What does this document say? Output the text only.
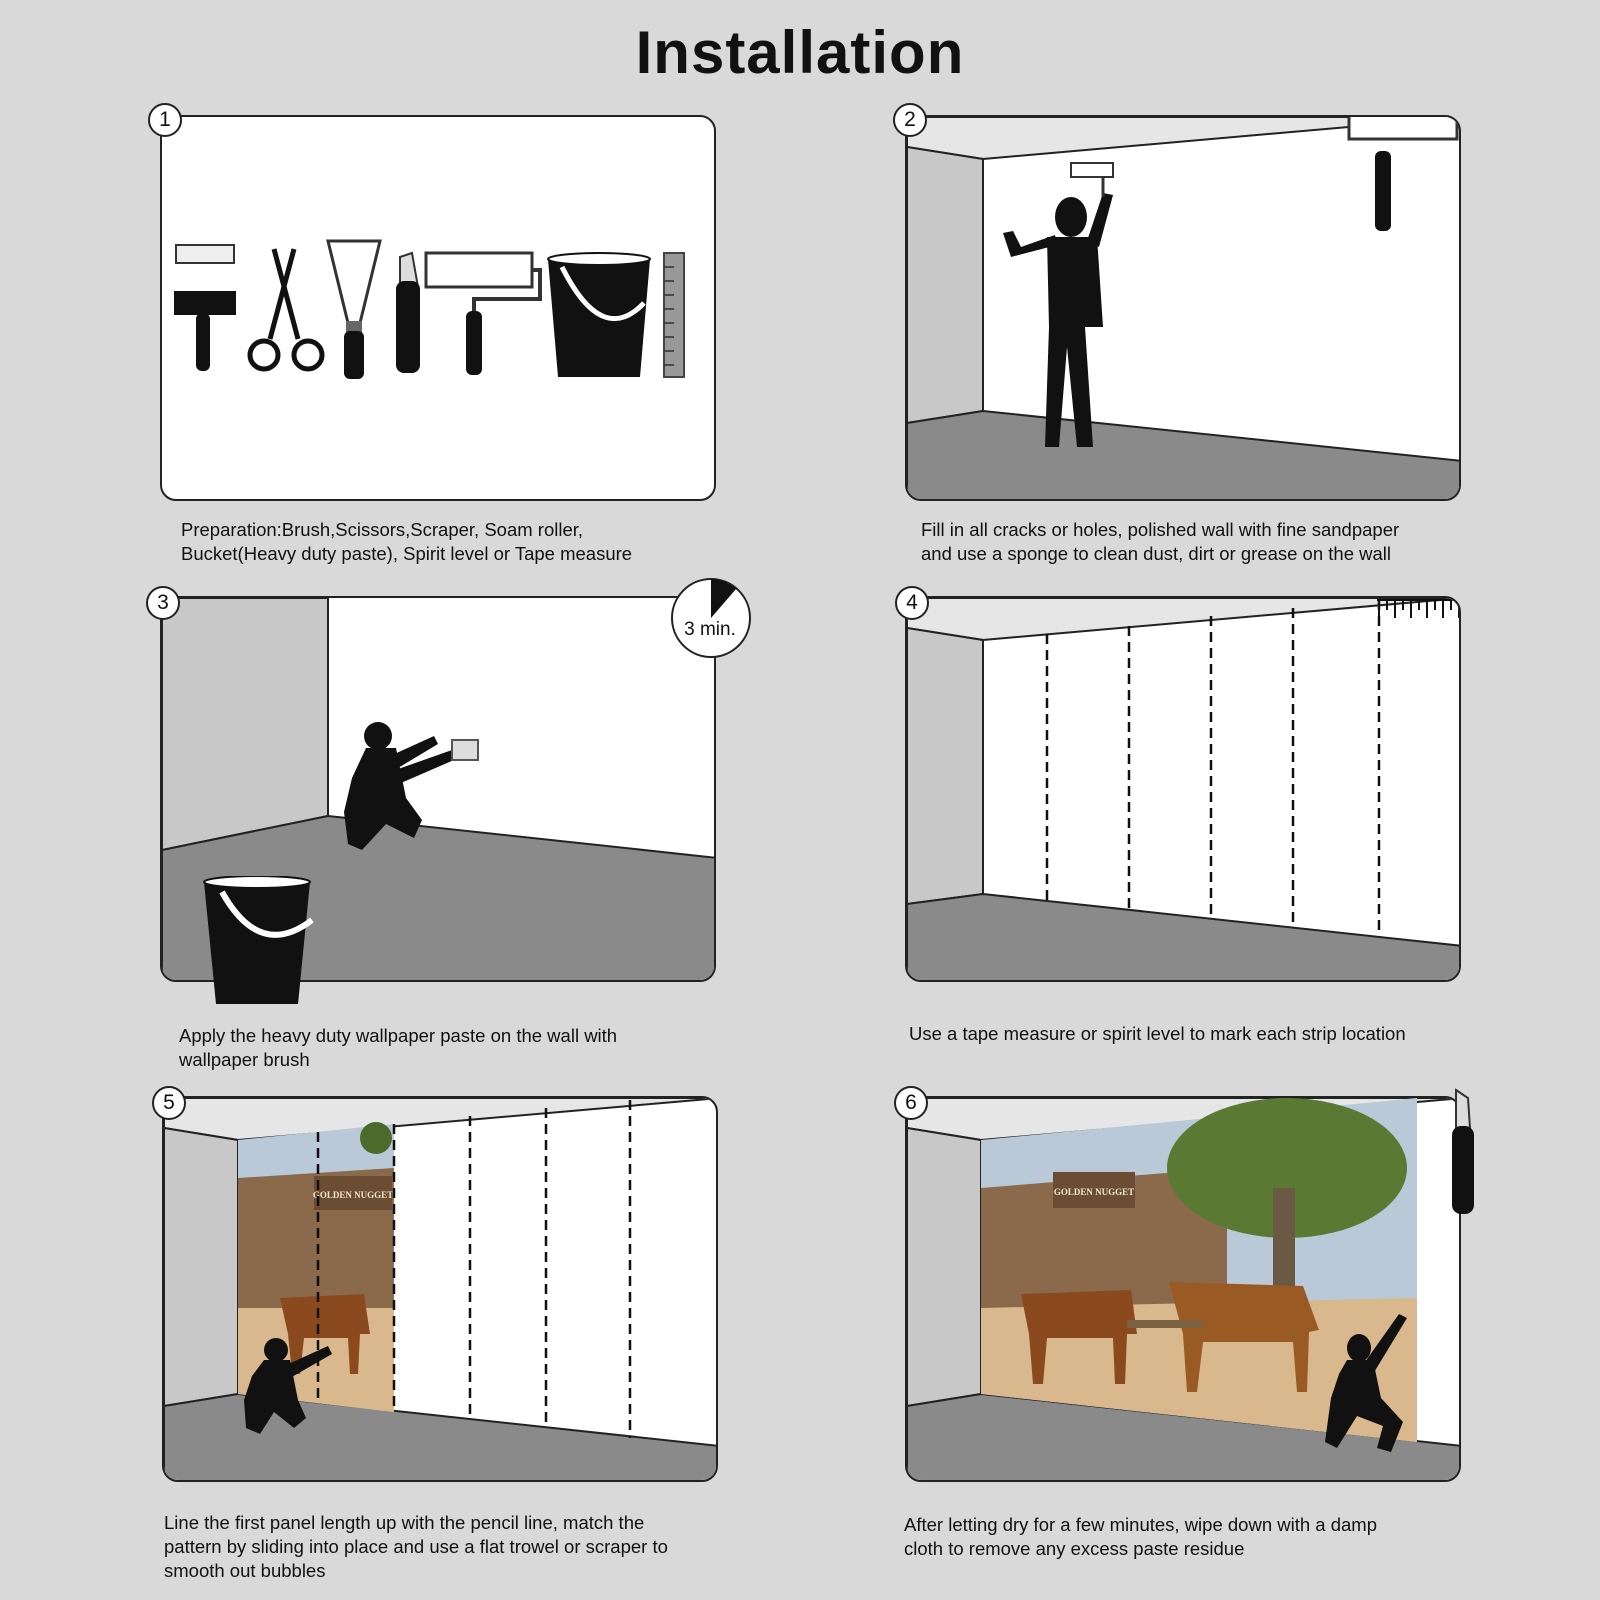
Installation
1
Preparation:Brush,Scissors,Scraper, Soam roller,
Bucket(Heavy duty paste), Spirit level or Tape measure
2
Fill in all cracks or holes, polished wall with fine sandpaper
and use a sponge to clean dust, dirt or grease on the wall
3
3 min.
Apply the heavy duty wallpaper paste on the wall with
wallpaper brush
4
Use a tape measure or spirit level to mark each strip location
5
GOLDEN NUGGET
Line the first panel length up with the pencil line, match the
pattern by sliding into place and use a flat trowel or scraper to
smooth out bubbles
6
GOLDEN NUGGET
After letting dry for a few minutes, wipe down with a damp
cloth to remove any excess paste residue
